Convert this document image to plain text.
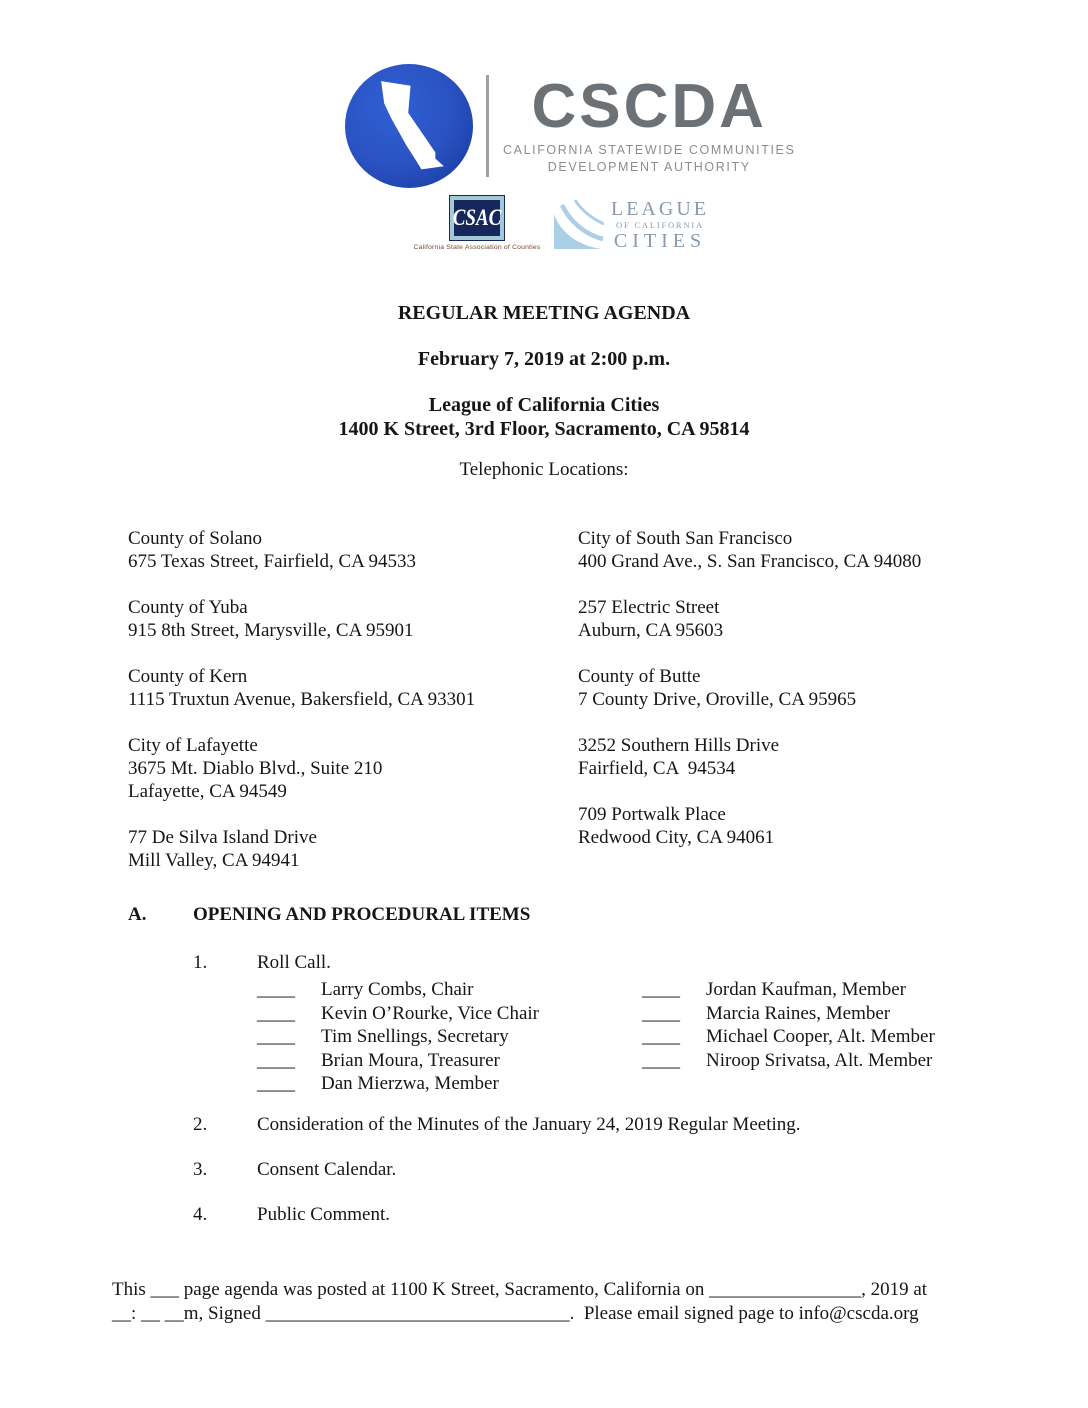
CSCDA
CALIFORNIA STATEWIDE COMMUNITIES
DEVELOPMENT AUTHORITY
CSAC
California State Association of Counties
LEAGUE
OF CALIFORNIA
CITIES
REGULAR MEETING AGENDA
February 7, 2019 at 2:00 p.m.
League of California Cities
1400 K Street, 3rd Floor, Sacramento, CA 95814
Telephonic Locations:
County of Solano
675 Texas Street, Fairfield, CA 94533
County of Yuba
915 8th Street, Marysville, CA 95901
County of Kern
1115 Truxtun Avenue, Bakersfield, CA 93301
City of Lafayette
3675 Mt. Diablo Blvd., Suite 210
Lafayette, CA 94549
77 De Silva Island Drive
Mill Valley, CA 94941
City of South San Francisco
400 Grand Ave., S. San Francisco, CA 94080
257 Electric Street
Auburn, CA 95603
County of Butte
7 County Drive, Oroville, CA 95965
3252 Southern Hills Drive
Fairfield, CA  94534
709 Portwalk Place
Redwood City, CA 94061
A.	OPENING AND PROCEDURAL ITEMS
1.	Roll Call.
____	Larry Combs, Chair
____	Kevin O’Rourke, Vice Chair
____	Tim Snellings, Secretary
____	Brian Moura, Treasurer
____	Dan Mierzwa, Member
____	Jordan Kaufman, Member
____	Marcia Raines, Member
____	Michael Cooper, Alt. Member
____	Niroop Srivatsa, Alt. Member
2.	Consideration of the Minutes of the January 24, 2019 Regular Meeting.
3.	Consent Calendar.
4.	Public Comment.
This ___ page agenda was posted at 1100 K Street, Sacramento, California on ________________, 2019 at
__: __ __m, Signed ________________________________.  Please email signed page to info@cscda.org
